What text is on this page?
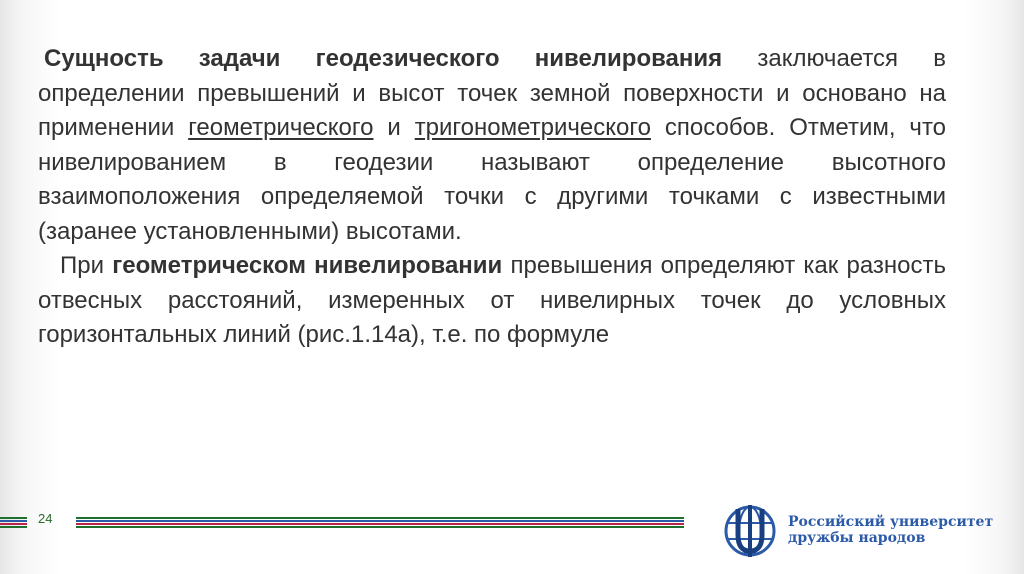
Сущность задачи геодезического нивелирования заключается в определении превышений и высот точек земной поверхности и основано на применении геометрического и тригонометрического способов. Отметим, что нивелированием в геодезии называют определение высотного взаимоположения определяемой точки с другими точками с известными (заранее установленными) высотами.

При геометрическом нивелировании превышения определяют как разность отвесных расстояний, измеренных от нивелирных точек до условных горизонтальных линий (рис.1.14а), т.е. по формуле

24	Российский университет
дружбы народов
